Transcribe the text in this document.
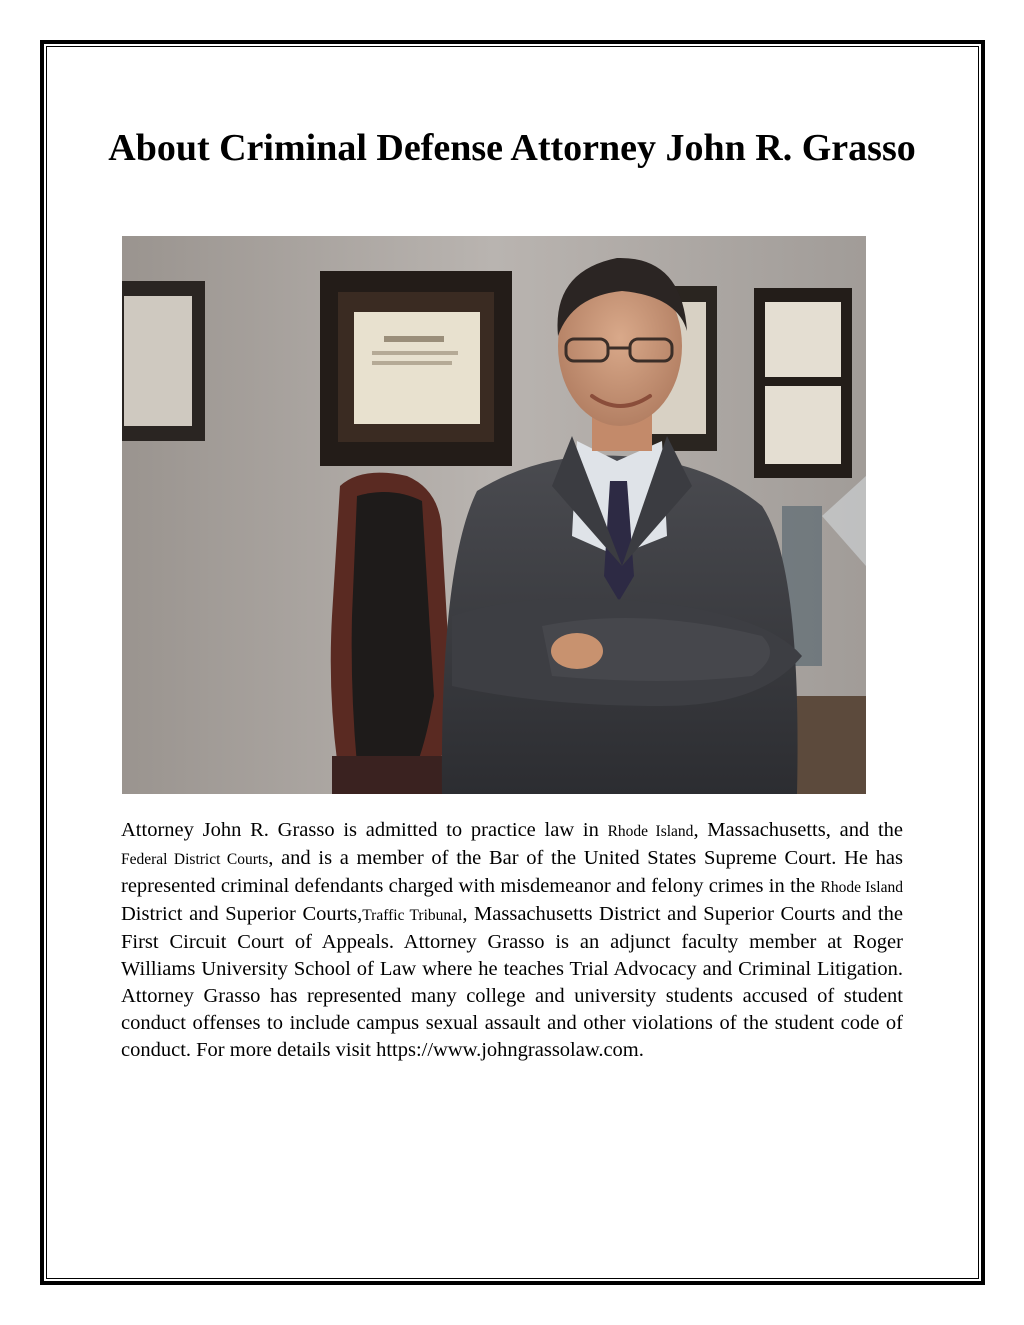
About Criminal Defense Attorney John R. Grasso

Attorney John R. Grasso is admitted to practice law in Rhode Island, Massachusetts, and the Federal District Courts, and is a member of the Bar of the United States Supreme Court. He has represented criminal defendants charged with misdemeanor and felony crimes in the Rhode Island District and Superior Courts,Traffic Tribunal, Massachusetts District and Superior Courts and the First Circuit Court of Appeals. Attorney Grasso is an adjunct faculty member at Roger Williams University School of Law where he teaches Trial Advocacy and Criminal Litigation. Attorney Grasso has represented many college and university students accused of student conduct offenses to include campus sexual assault and other violations of the student code of conduct. For more details visit https://www.johngrassolaw.com.
